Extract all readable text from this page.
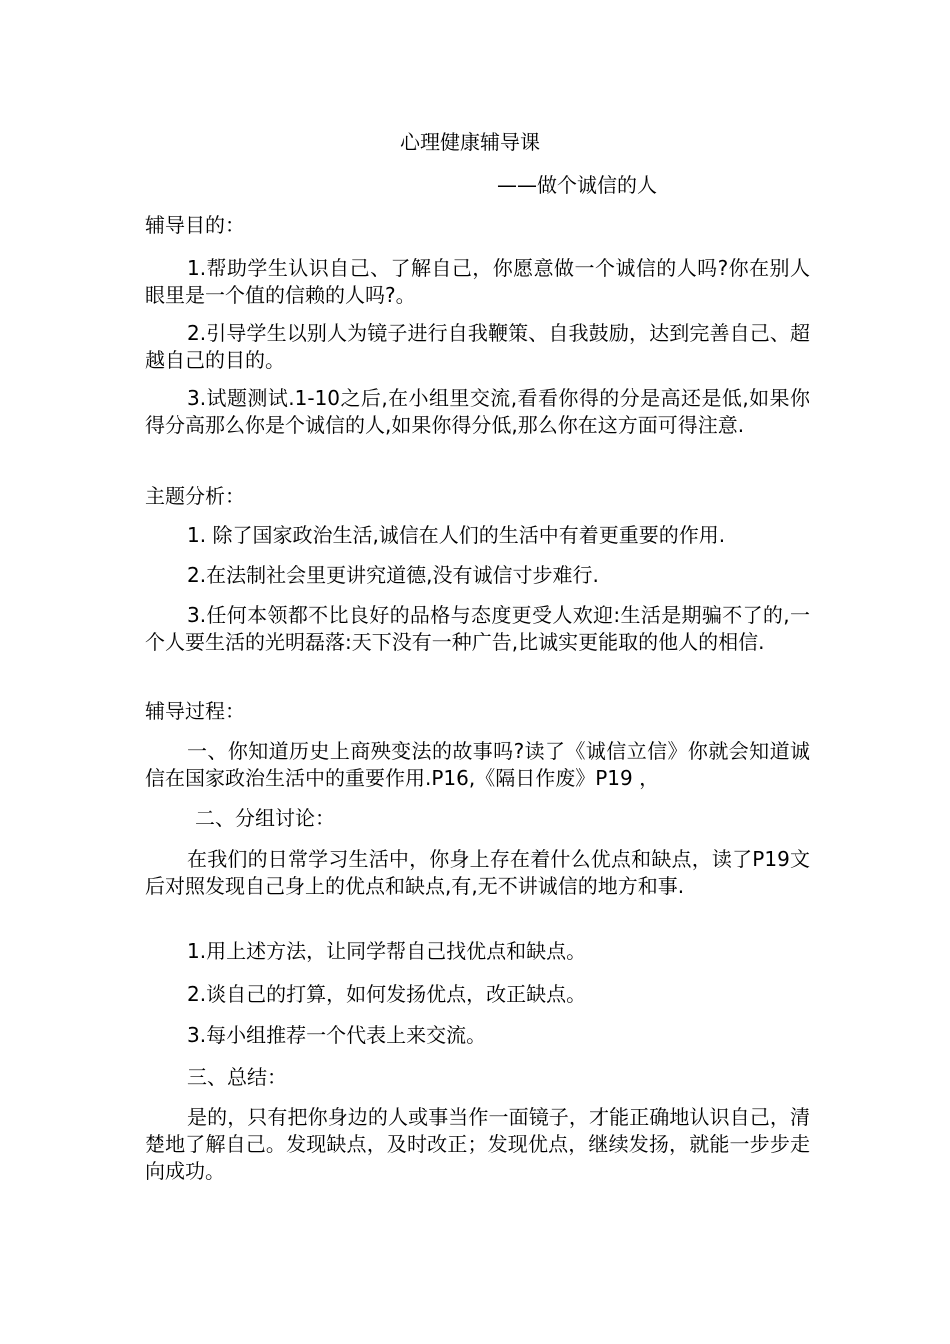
心理健康辅导课
——做个诚信的人
辅导目的：
1.帮助学生认识自己、了解自己，你愿意做一个诚信的人吗?你在别人眼里是一个值的信赖的人吗?。
2.引导学生以别人为镜子进行自我鞭策、自我鼓励，达到完善自己、超越自己的目的。
3.试题测试.1-10之后,在小组里交流,看看你得的分是高还是低,如果你得分高那么你是个诚信的人,如果你得分低,那么你在这方面可得注意.
主题分析：
1. 除了国家政治生活,诚信在人们的生活中有着更重要的作用.
2.在法制社会里更讲究道德,没有诚信寸步难行.
3.任何本领都不比良好的品格与态度更受人欢迎:生活是期骗不了的,一个人要生活的光明磊落:天下没有一种广告,比诚实更能取的他人的相信.
辅导过程：
一、你知道历史上商殃变法的故事吗?读了《诚信立信》你就会知道诚信在国家政治生活中的重要作用.P16,《隔日作废》P19 ，
二、分组讨论：
在我们的日常学习生活中，你身上存在着什么优点和缺点，读了P19文后对照发现自己身上的优点和缺点,有,无不讲诚信的地方和事.
1.用上述方法，让同学帮自己找优点和缺点。
2.谈自己的打算，如何发扬优点，改正缺点。
3.每小组推荐一个代表上来交流。
三、总结：
是的，只有把你身边的人或事当作一面镜子，才能正确地认识自己，清楚地了解自己。发现缺点，及时改正；发现优点，继续发扬，就能一步步走向成功。
